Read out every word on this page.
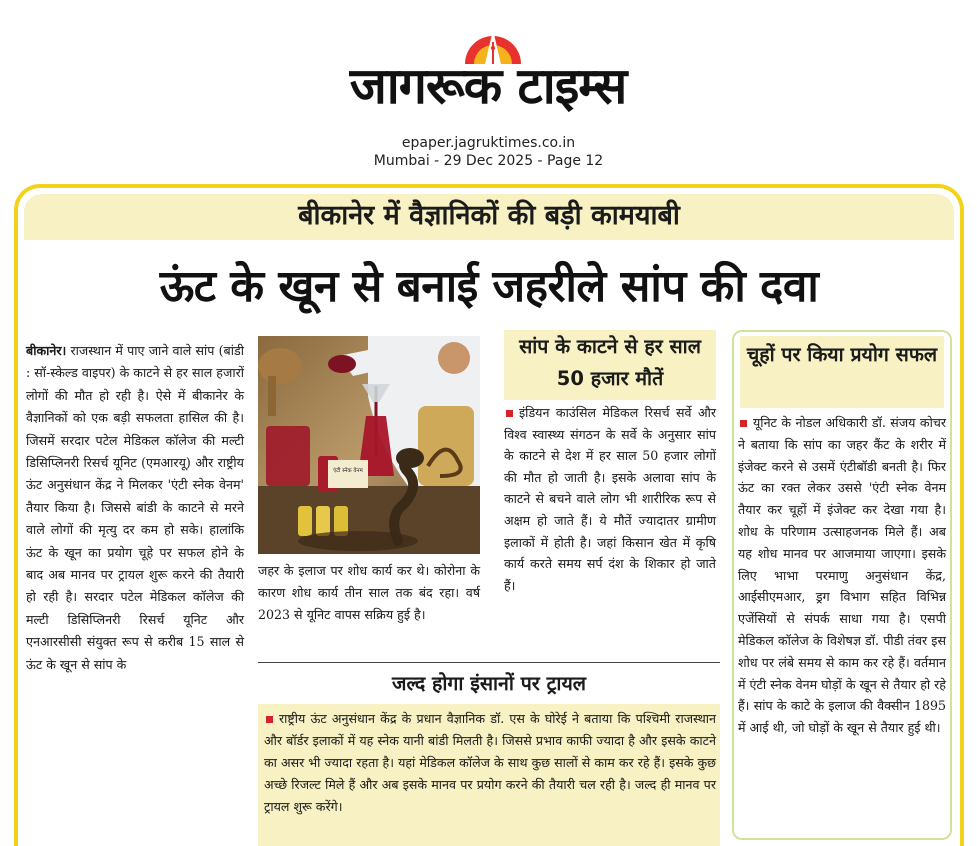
जागरूक टाइम्स
epaper.jagruktimes.co.in
Mumbai - 29 Dec 2025 - Page 12
बीकानेर में वैज्ञानिकों की बड़ी कामयाबी
ऊंट के खून से बनाई जहरीले सांप की दवा
बीकानेर। राजस्थान में पाए जाने वाले सांप (बांडी : सॉ-स्केल्ड वाइपर) के काटने से हर साल हजारों लोगों की मौत हो रही है। ऐसे में बीकानेर के वैज्ञानिकों को एक बड़ी सफलता हासिल की है। जिसमें सरदार पटेल मेडिकल कॉलेज की मल्टी डिसिप्लिनरी रिसर्च यूनिट (एमआरयू) और राष्ट्रीय ऊंट अनुसंधान केंद्र ने मिलकर 'एंटी स्नेक वेनम' तैयार किया है। जिससे बांडी के काटने से मरने वाले लोगों की मृत्यु दर कम हो सके। हालांकि ऊंट के खून का प्रयोग चूहे पर सफल होने के बाद अब मानव पर ट्रायल शुरू करने की तैयारी हो रही है। सरदार पटेल मेडिकल कॉलेज की मल्टी डिसिप्लिनरी रिसर्च यूनिट और एनआरसीसी संयुक्त रूप से करीब 15 साल से ऊंट के खून से सांप के
एंटी स्नेक वेनम
जहर के इलाज पर शोध कार्य कर थे। कोरोना के कारण शोध कार्य तीन साल तक बंद रहा। वर्ष 2023 से यूनिट वापस सक्रिय हुई है।
सांप के काटने से हर साल 50 हजार मौतें
इंडियन काउंसिल मेडिकल रिसर्च सर्वे और विश्व स्वास्थ्य संगठन के सर्वे के अनुसार सांप के काटने से देश में हर साल 50 हजार लोगों की मौत हो जाती है। इसके अलावा सांप के काटने से बचने वाले लोग भी शारीरिक रूप से अक्षम हो जाते हैं। ये मौतें ज्यादातर ग्रामीण इलाकों में होती है। जहां किसान खेत में कृषि कार्य करते समय सर्प दंश के शिकार हो जाते हैं।
जल्द होगा इंसानों पर ट्रायल
राष्ट्रीय ऊंट अनुसंधान केंद्र के प्रधान वैज्ञानिक डॉ. एस के घोरेई ने बताया कि पश्चिमी राजस्थान और बॉर्डर इलाकों में यह स्नेक यानी बांडी मिलती है। जिससे प्रभाव काफी ज्यादा है और इसके काटने का असर भी ज्यादा रहता है। यहां मेडिकल कॉलेज के साथ कुछ सालों से काम कर रहे हैं। इसके कुछ अच्छे रिजल्ट मिले हैं और अब इसके मानव पर प्रयोग करने की तैयारी चल रही है। जल्द ही मानव पर ट्रायल शुरू करेंगे।
चूहों पर किया प्रयोग सफल
यूनिट के नोडल अधिकारी डॉ. संजय कोचर ने बताया कि सांप का जहर कैंट के शरीर में इंजेक्ट करने से उसमें एंटीबॉडी बनती है। फिर ऊंट का रक्त लेकर उससे 'एंटी स्नेक वेनम तैयार कर चूहों में इंजेक्ट कर देखा गया है। शोध के परिणाम उत्साहजनक मिले हैं। अब यह शोध मानव पर आजमाया जाएगा। इसके लिए भाभा परमाणु अनुसंधान केंद्र, आईसीएमआर, ड्रग विभाग सहित विभिन्न एजेंसियों से संपर्क साधा गया है। एसपी मेडिकल कॉलेज के विशेषज्ञ डॉ. पीडी तंवर इस शोध पर लंबे समय से काम कर रहे हैं। वर्तमान में एंटी स्नेक वेनम घोड़ों के खून से तैयार हो रहे हैं। सांप के काटे के इलाज की वैक्सीन 1895 में आई थी, जो घोड़ों के खून से तैयार हुई थी।
